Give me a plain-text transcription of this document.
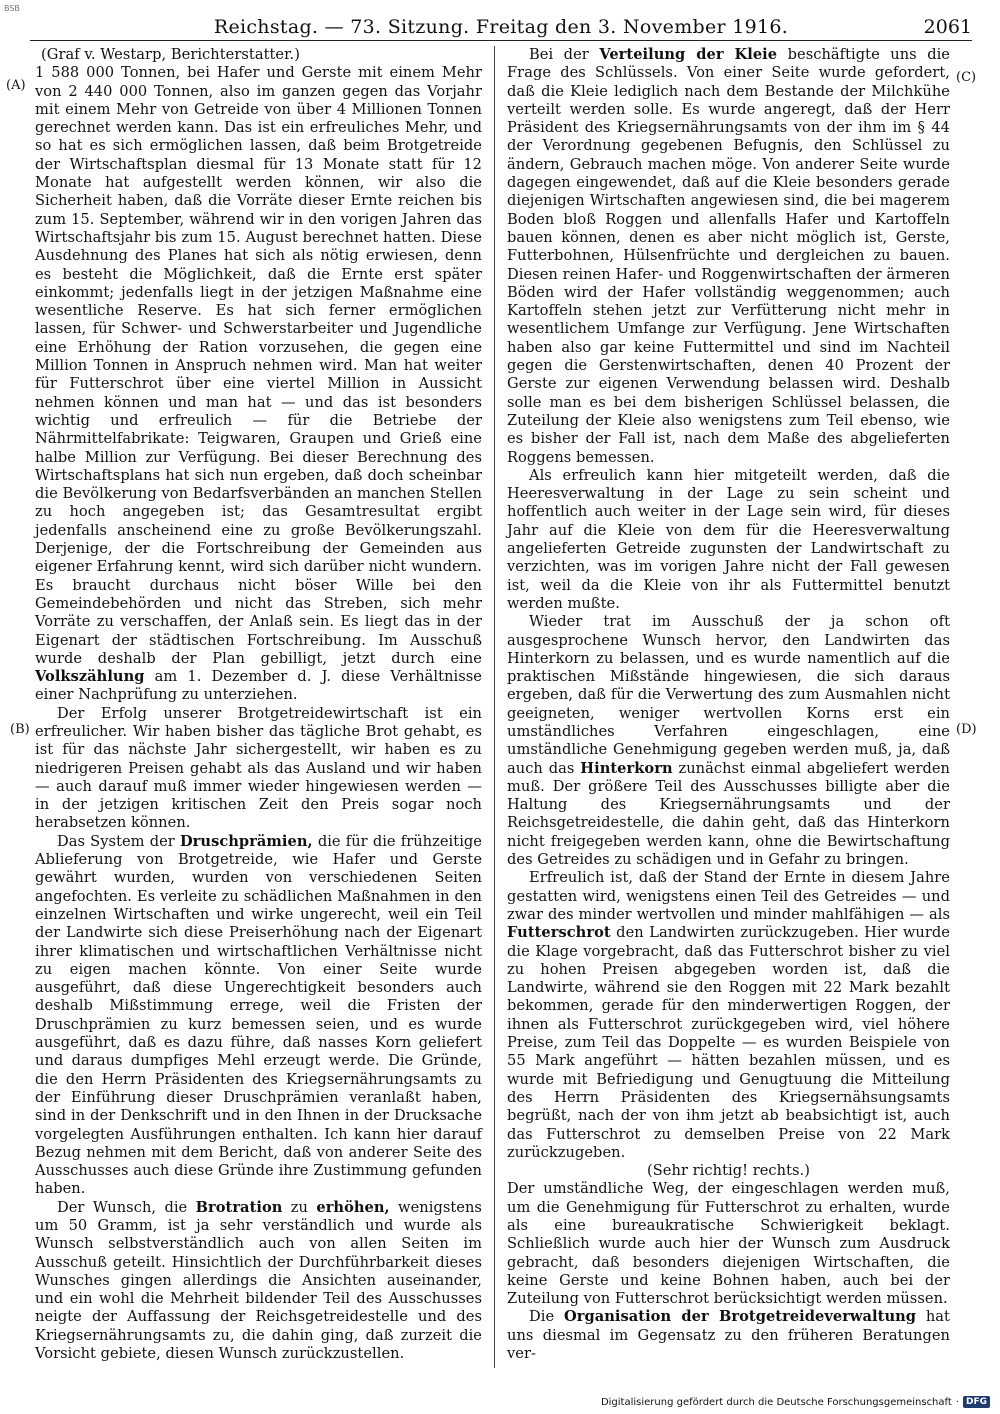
BSB
Reichstag. — 73. Sitzung. Freitag den 3. November 1916.	2061
(A)
(B)
(C)
(D)

(Graf v. Westarp, Berichterstatter.)

1 588 000 Tonnen, bei Hafer und Gerste mit einem Mehr von 2 440 000 Tonnen, also im ganzen gegen das Vorjahr mit einem Mehr von Getreide von über 4 Millionen Tonnen gerechnet werden kann. Das ist ein erfreuliches Mehr, und so hat es sich ermöglichen lassen, daß beim Brotgetreide der Wirtschaftsplan diesmal für 13 Monate statt für 12 Monate hat aufgestellt werden können, wir also die Sicherheit haben, daß die Vorräte dieser Ernte reichen bis zum 15. September, während wir in den vorigen Jahren das Wirtschaftsjahr bis zum 15. August berechnet hatten. Diese Ausdehnung des Planes hat sich als nötig erwiesen, denn es besteht die Möglichkeit, daß die Ernte erst später einkommt; jedenfalls liegt in der jetzigen Maßnahme eine wesentliche Reserve. Es hat sich ferner ermöglichen lassen, für Schwer- und Schwerstarbeiter und Jugendliche eine Erhöhung der Ration vorzusehen, die gegen eine Million Tonnen in Anspruch nehmen wird. Man hat weiter für Futterschrot über eine viertel Million in Aussicht nehmen können und man hat — und das ist besonders wichtig und erfreulich — für die Betriebe der Nährmittelfabrikate: Teigwaren, Graupen und Grieß eine halbe Million zur Verfügung. Bei dieser Berechnung des Wirtschaftsplans hat sich nun ergeben, daß doch scheinbar die Bevölkerung von Bedarfsverbänden an manchen Stellen zu hoch angegeben ist; das Gesamtresultat ergibt jedenfalls anscheinend eine zu große Bevölkerungszahl. Derjenige, der die Fortschreibung der Gemeinden aus eigener Erfahrung kennt, wird sich darüber nicht wundern. Es braucht durchaus nicht böser Wille bei den Gemeindebehörden und nicht das Streben, sich mehr Vorräte zu verschaffen, der Anlaß sein. Es liegt das in der Eigenart der städtischen Fortschreibung. Im Ausschuß wurde deshalb der Plan gebilligt, jetzt durch eine Volkszählung am 1. Dezember d. J. diese Verhältnisse einer Nachprüfung zu unterziehen.

Der Erfolg unserer Brotgetreidewirtschaft ist ein erfreulicher. Wir haben bisher das tägliche Brot gehabt, es ist für das nächste Jahr sichergestellt, wir haben es zu niedrigeren Preisen gehabt als das Ausland und wir haben — auch darauf muß immer wieder hingewiesen werden — in der jetzigen kritischen Zeit den Preis sogar noch herabsetzen können.

Das System der Druschprämien, die für die frühzeitige Ablieferung von Brotgetreide, wie Hafer und Gerste gewährt wurden, wurden von verschiedenen Seiten angefochten. Es verleite zu schädlichen Maßnahmen in den einzelnen Wirtschaften und wirke ungerecht, weil ein Teil der Landwirte sich diese Preiserhöhung nach der Eigenart ihrer klimatischen und wirtschaftlichen Verhältnisse nicht zu eigen machen könnte. Von einer Seite wurde ausgeführt, daß diese Ungerechtigkeit besonders auch deshalb Mißstimmung errege, weil die Fristen der Druschprämien zu kurz bemessen seien, und es wurde ausgeführt, daß es dazu führe, daß nasses Korn geliefert und daraus dumpfiges Mehl erzeugt werde. Die Gründe, die den Herrn Präsidenten des Kriegsernährungsamts zu der Einführung dieser Druschprämien veranlaßt haben, sind in der Denkschrift und in den Ihnen in der Drucksache vorgelegten Ausführungen enthalten. Ich kann hier darauf Bezug nehmen mit dem Bericht, daß von anderer Seite des Ausschusses auch diese Gründe ihre Zustimmung gefunden haben.

Der Wunsch, die Brotration zu erhöhen, wenigstens um 50 Gramm, ist ja sehr verständlich und wurde als Wunsch selbstverständlich auch von allen Seiten im Ausschuß geteilt. Hinsichtlich der Durchführbarkeit dieses Wunsches gingen allerdings die Ansichten auseinander, und ein wohl die Mehrheit bildender Teil des Ausschusses neigte der Auffassung der Reichsgetreidestelle und des Kriegsernährungsamts zu, die dahin ging, daß zurzeit die Vorsicht gebiete, diesen Wunsch zurückzustellen.

Bei der Verteilung der Kleie beschäftigte uns die Frage des Schlüssels. Von einer Seite wurde gefordert, daß die Kleie lediglich nach dem Bestande der Milchkühe verteilt werden solle. Es wurde angeregt, daß der Herr Präsident des Kriegsernährungsamts von der ihm im § 44 der Verordnung gegebenen Befugnis, den Schlüssel zu ändern, Gebrauch machen möge. Von anderer Seite wurde dagegen eingewendet, daß auf die Kleie besonders gerade diejenigen Wirtschaften angewiesen sind, die bei magerem Boden bloß Roggen und allenfalls Hafer und Kartoffeln bauen können, denen es aber nicht möglich ist, Gerste, Futterbohnen, Hülsenfrüchte und dergleichen zu bauen. Diesen reinen Hafer- und Roggenwirtschaften der ärmeren Böden wird der Hafer vollständig weggenommen; auch Kartoffeln stehen jetzt zur Verfütterung nicht mehr in wesentlichem Umfange zur Verfügung. Jene Wirtschaften haben also gar keine Futtermittel und sind im Nachteil gegen die Gerstenwirtschaften, denen 40 Prozent der Gerste zur eigenen Verwendung belassen wird. Deshalb solle man es bei dem bisherigen Schlüssel belassen, die Zuteilung der Kleie also wenigstens zum Teil ebenso, wie es bisher der Fall ist, nach dem Maße des abgelieferten Roggens bemessen.

Als erfreulich kann hier mitgeteilt werden, daß die Heeresverwaltung in der Lage zu sein scheint und hoffentlich auch weiter in der Lage sein wird, für dieses Jahr auf die Kleie von dem für die Heeresverwaltung angelieferten Getreide zugunsten der Landwirtschaft zu verzichten, was im vorigen Jahre nicht der Fall gewesen ist, weil da die Kleie von ihr als Futtermittel benutzt werden mußte.

Wieder trat im Ausschuß der ja schon oft ausgesprochene Wunsch hervor, den Landwirten das Hinterkorn zu belassen, und es wurde namentlich auf die praktischen Mißstände hingewiesen, die sich daraus ergeben, daß für die Verwertung des zum Ausmahlen nicht geeigneten, weniger wertvollen Korns erst ein umständliches Verfahren eingeschlagen, eine umständliche Genehmigung gegeben werden muß, ja, daß auch das Hinterkorn zunächst einmal abgeliefert werden muß. Der größere Teil des Ausschusses billigte aber die Haltung des Kriegsernährungsamts und der Reichsgetreidestelle, die dahin geht, daß das Hinterkorn nicht freigegeben werden kann, ohne die Bewirtschaftung des Getreides zu schädigen und in Gefahr zu bringen.

Erfreulich ist, daß der Stand der Ernte in diesem Jahre gestatten wird, wenigstens einen Teil des Getreides — und zwar des minder wertvollen und minder mahlfähigen — als Futterschrot den Landwirten zurückzugeben. Hier wurde die Klage vorgebracht, daß das Futterschrot bisher zu viel zu hohen Preisen abgegeben worden ist, daß die Landwirte, während sie den Roggen mit 22 Mark bezahlt bekommen, gerade für den minderwertigen Roggen, der ihnen als Futterschrot zurückgegeben wird, viel höhere Preise, zum Teil das Doppelte — es wurden Beispiele von 55 Mark angeführt — hätten bezahlen müssen, und es wurde mit Befriedigung und Genugtuung die Mitteilung des Herrn Präsidenten des Kriegsernähsungsamts begrüßt, nach der von ihm jetzt ab beabsichtigt ist, auch das Futterschrot zu demselben Preise von 22 Mark zurückzugeben.

(Sehr richtig! rechts.)

Der umständliche Weg, der eingeschlagen werden muß, um die Genehmigung für Futterschrot zu erhalten, wurde als eine bureaukratische Schwierigkeit beklagt. Schließlich wurde auch hier der Wunsch zum Ausdruck gebracht, daß besonders diejenigen Wirtschaften, die keine Gerste und keine Bohnen haben, auch bei der Zuteilung von Futterschrot berücksichtigt werden müssen.

Die Organisation der Brotgetreideverwaltung hat uns diesmal im Gegensatz zu den früheren Beratungen ver-

Digitalisierung gefördert durch die Deutsche Forschungsgemeinschaft · DFG
